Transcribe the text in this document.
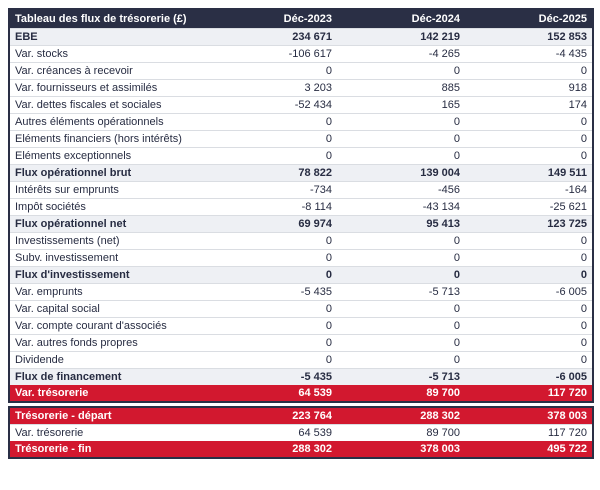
Tableau des flux de trésorerie (£)	Déc-2023	Déc-2024	Déc-2025
EBE	234 671	142 219	152 853
Var. stocks	-106 617	-4 265	-4 435
Var. créances à recevoir	0	0	0
Var. fournisseurs et assimilés	3 203	885	918
Var. dettes fiscales et sociales	-52 434	165	174
Autres éléments opérationnels	0	0	0
Eléments financiers (hors intérêts)	0	0	0
Eléments exceptionnels	0	0	0
Flux opérationnel brut	78 822	139 004	149 511
Intérêts sur emprunts	-734	-456	-164
Impôt sociétés	-8 114	-43 134	-25 621
Flux opérationnel net	69 974	95 413	123 725
Investissements (net)	0	0	0
Subv. investissement	0	0	0
Flux d'investissement	0	0	0
Var. emprunts	-5 435	-5 713	-6 005
Var. capital social	0	0	0
Var. compte courant d'associés	0	0	0
Var. autres fonds propres	0	0	0
Dividende	0	0	0
Flux de financement	-5 435	-5 713	-6 005
Var. trésorerie	64 539	89 700	117 720
Trésorerie - départ	223 764	288 302	378 003
Var. trésorerie	64 539	89 700	117 720
Trésorerie - fin	288 302	378 003	495 722
